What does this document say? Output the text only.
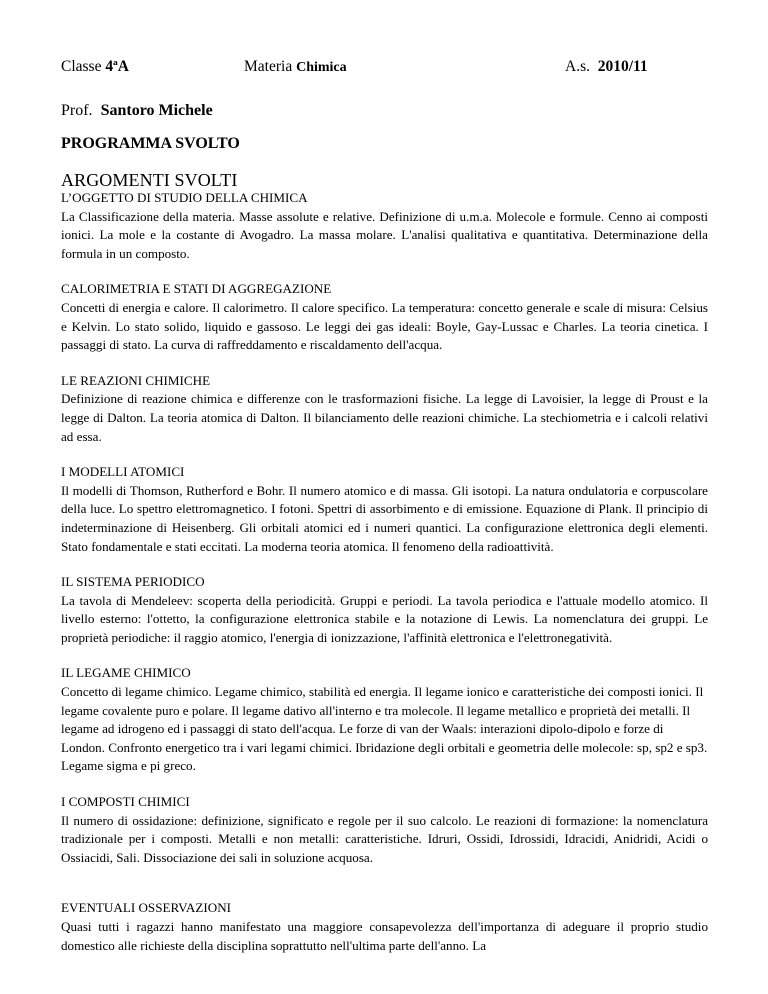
Classe 4ªA	Materia Chimica	A.s. 2010/11
Prof. Santoro Michele
PROGRAMMA SVOLTO
ARGOMENTI SVOLTI
L’OGGETTO DI STUDIO DELLA CHIMICA
La Classificazione della materia. Masse assolute e relative. Definizione di u.m.a. Molecole e formule. Cenno ai composti ionici. La mole e la costante di Avogadro. La massa molare. L'analisi qualitativa e quantitativa. Determinazione della formula in un composto.
CALORIMETRIA E STATI DI AGGREGAZIONE
Concetti di energia e calore. Il calorimetro. Il calore specifico. La temperatura: concetto generale e scale di misura: Celsius e Kelvin. Lo stato solido, liquido e gassoso. Le leggi dei gas ideali: Boyle, Gay-Lussac e Charles. La teoria cinetica. I passaggi di stato. La curva di raffreddamento e riscaldamento dell'acqua.
LE REAZIONI CHIMICHE
Definizione di reazione chimica e differenze con le trasformazioni fisiche. La legge di Lavoisier, la legge di Proust e la legge di Dalton. La teoria atomica di Dalton. Il bilanciamento delle reazioni chimiche. La stechiometria e i calcoli relativi ad essa.
I MODELLI ATOMICI
Il modelli di Thomson, Rutherford e Bohr. Il numero atomico e di massa. Gli isotopi. La natura ondulatoria e corpuscolare della luce. Lo spettro elettromagnetico. I fotoni. Spettri di assorbimento e di emissione. Equazione di Plank. Il principio di indeterminazione di Heisenberg. Gli orbitali atomici ed i numeri quantici. La configurazione elettronica degli elementi. Stato fondamentale e stati eccitati. La moderna teoria atomica. Il fenomeno della radioattività.
IL SISTEMA PERIODICO
La tavola di Mendeleev: scoperta della periodicità. Gruppi e periodi. La tavola periodica e l'attuale modello atomico. Il livello esterno: l'ottetto, la configurazione elettronica stabile e la notazione di Lewis. La nomenclatura dei gruppi. Le proprietà periodiche: il raggio atomico, l'energia di ionizzazione, l'affinità elettronica e l'elettronegatività.
IL LEGAME CHIMICO
Concetto di legame chimico. Legame chimico, stabilità ed energia. Il legame ionico e caratteristiche dei composti ionici. Il legame covalente puro e polare. Il legame dativo all'interno e tra molecole. Il legame metallico e proprietà dei metalli. Il legame ad idrogeno ed i passaggi di stato dell'acqua. Le forze di van der Waals: interazioni dipolo-dipolo e forze di London. Confronto energetico tra i vari legami chimici. Ibridazione degli orbitali e geometria delle molecole: sp, sp2 e sp3. Legame sigma e pi greco.
I COMPOSTI CHIMICI
Il numero di ossidazione: definizione, significato e regole per il suo calcolo. Le reazioni di formazione: la nomenclatura tradizionale per i composti. Metalli e non metalli: caratteristiche. Idruri, Ossidi, Idrossidi, Idracidi, Anidridi, Acidi o Ossiacidi, Sali. Dissociazione dei sali in soluzione acquosa.
EVENTUALI OSSERVAZIONI
Quasi tutti i ragazzi hanno manifestato una maggiore consapevolezza dell'importanza di adeguare il proprio studio domestico alle richieste della disciplina soprattutto nell'ultima parte dell'anno. La
